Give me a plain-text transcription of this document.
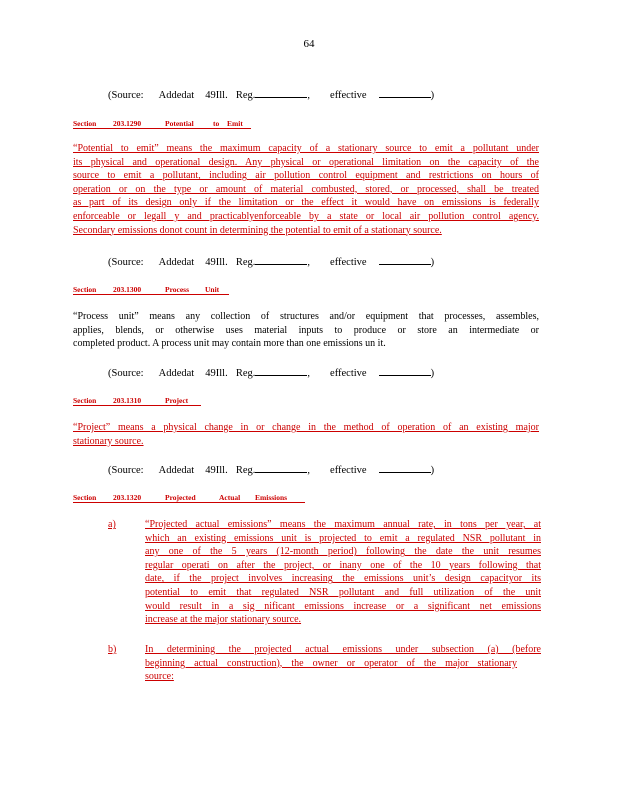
64
(Source: Addedat 49Ill. Reg.	, effective	)
Section 203.1290	Potential	to Emit
“Potential to emit” means the maximum capacity of a stationary source to emit a pollutant under
its physical and operational design. Any physical or operational limitation on the capacity of the
source to emit a pollutant, including air pollution control equipment and restrictions on hours of
operation or on the type or amount of material combusted, stored, or processed, shall be treated
as part of its design only if the limitation or the effect it would have on emissions is federally
enforceable or legall y and practicablyenforceable by a state or local air pollution control agency.
Secondary emissions donot count in determining the potential to emit of a stationary source.
(Source: Addedat 49Ill. Reg.	, effective	)
Section 203.1300	Process Unit
“Process unit” means any collection of structures and/or equipment that processes, assembles,
applies, blends, or otherwise uses material inputs to produce or store an intermediate or
completed product. A process unit may contain more than one emissions un it.
(Source: Addedat 49Ill. Reg.	, effective	)
Section 203.1310	Project
“Project” means a physical change in or change in the method of operation of an existing major
stationary source.
(Source: Addedat 49Ill. Reg.	, effective	)
Section 203.1320	Projected	Actual Emissions
a)	“Projected actual emissions” means the maximum annual rate, in tons per year, at
which an existing emissions unit is projected to emit a regulated NSR pollutant in
any one of the 5 years (12-month period) following the date the unit resumes
regular operati on after the project, or inany one of the 10 years following that
date, if the project involves increasing the emissions unit’s design capacityor its
potential to emit that regulated NSR pollutant and full utilization of the unit
would result in a sig nificant emissions increase or a significant net emissions
increase at the major stationary source.
b)	In determining the projected actual emissions under subsection (a) (before
beginning actual construction), the owner or operator of the major stationary
source:
